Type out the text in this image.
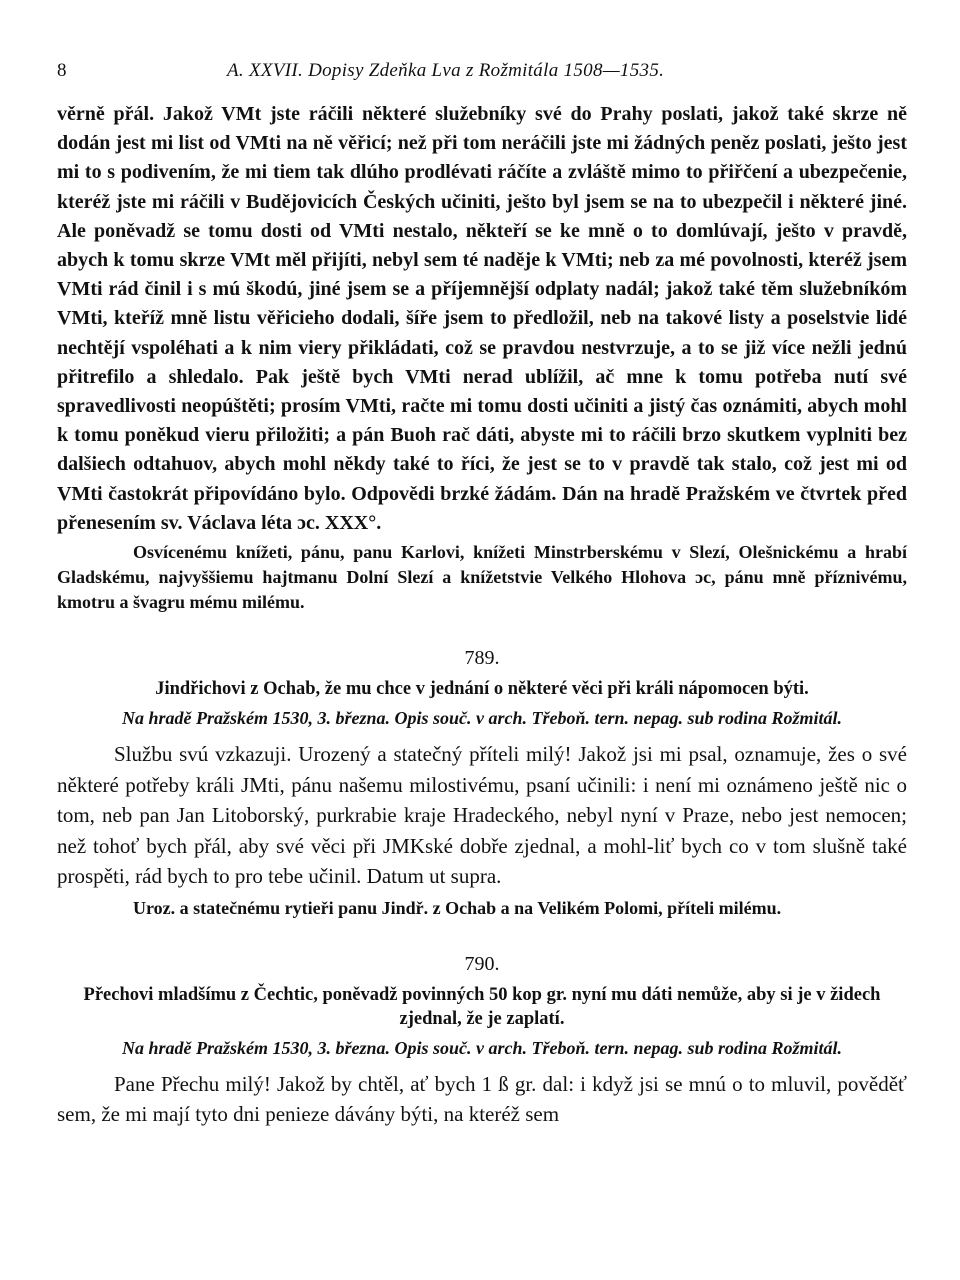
8	A. XXVII. Dopisy Zdeňka Lva z Rožmitála 1508—1535.

věrně přál. Jakož VMt jste ráčili některé služebníky své do Prahy poslati, jakož také skrze ně dodán jest mi list od VMti na ně věřicí; než při tom neráčili jste mi žádných peněz poslati, ješto jest mi to s podivením, že mi tiem tak dlúho prodlévati ráčíte a zvláště mimo to přiřčení a ubezpečenie, kteréž jste mi ráčili v Budějovicích Českých učiniti, ješto byl jsem se na to ubezpečil i některé jiné. Ale poněvadž se tomu dosti od VMti nestalo, někteří se ke mně o to domlúvají, ješto v pravdě, abych k tomu skrze VMt měl přijíti, nebyl sem té naděje k VMti; neb za mé povolnosti, kteréž jsem VMti rád činil i s mú škodú, jiné jsem se a příjemnější odplaty nadál; jakož také těm služebníkóm VMti, kteříž mně listu věřicieho dodali, šíře jsem to předložil, neb na takové listy a poselstvie lidé nechtějí vspoléhati a k nim viery přikládati, což se pravdou nestvrzuje, a to se již více nežli jednú přitrefilo a shledalo. Pak ještě bych VMti nerad ublížil, ač mne k tomu potřeba nutí své spravedlivosti neopúštěti; prosím VMti, račte mi tomu dosti učiniti a jistý čas oznámiti, abych mohl k tomu poněkud vieru přiložiti; a pán Buoh rač dáti, abyste mi to ráčili brzo skutkem vyplniti bez dalšiech odtahuov, abych mohl někdy také to říci, že jest se to v pravdě tak stalo, což jest mi od VMti častokrát připovídáno bylo. Odpovědi brzké žádám. Dán na hradě Pražském ve čtvrtek před přenesením sv. Václava léta ɔc. XXX°.

Osvícenému knížeti, pánu, panu Karlovi, knížeti Minstrberskému v Slezí, Olešnickému a hrabí Gladskému, najvyššiemu hajtmanu Dolní Slezí a knížetstvie Velkého Hlohova ɔc, pánu mně příznivému, kmotru a švagru mému milému.

789.
Jindřichovi z Ochab, že mu chce v jednání o některé věci při králi nápomocen býti.
Na hradě Pražském 1530, 3. března. Opis souč. v arch. Třeboň. tern. nepag. sub rodina Rožmitál.

Službu svú vzkazuji. Urozený a statečný příteli milý! Jakož jsi mi psal, oznamuje, žes o své některé potřeby králi JMti, pánu našemu milostivému, psaní učinili: i není mi oznámeno ještě nic o tom, neb pan Jan Litoborský, purkrabie kraje Hradeckého, nebyl nyní v Praze, nebo jest nemocen; než tohoť bych přál, aby své věci při JMKské dobře zjednal, a mohl-liť bych co v tom slušně také prospěti, rád bych to pro tebe učinil. Datum ut supra.

Uroz. a statečnému rytieři panu Jindř. z Ochab a na Velikém Polomi, příteli milému.

790.
Přechovi mladšímu z Čechtic, poněvadž povinných 50 kop gr. nyní mu dáti nemůže, aby si je v židech zjednal, že je zaplatí.
Na hradě Pražském 1530, 3. března. Opis souč. v arch. Třeboň. tern. nepag. sub rodina Rožmitál.

Pane Přechu milý! Jakož by chtěl, ať bych 1 ß gr. dal: i když jsi se mnú o to mluvil, pověděť sem, že mi mají tyto dni penieze dávány býti, na kteréž sem
